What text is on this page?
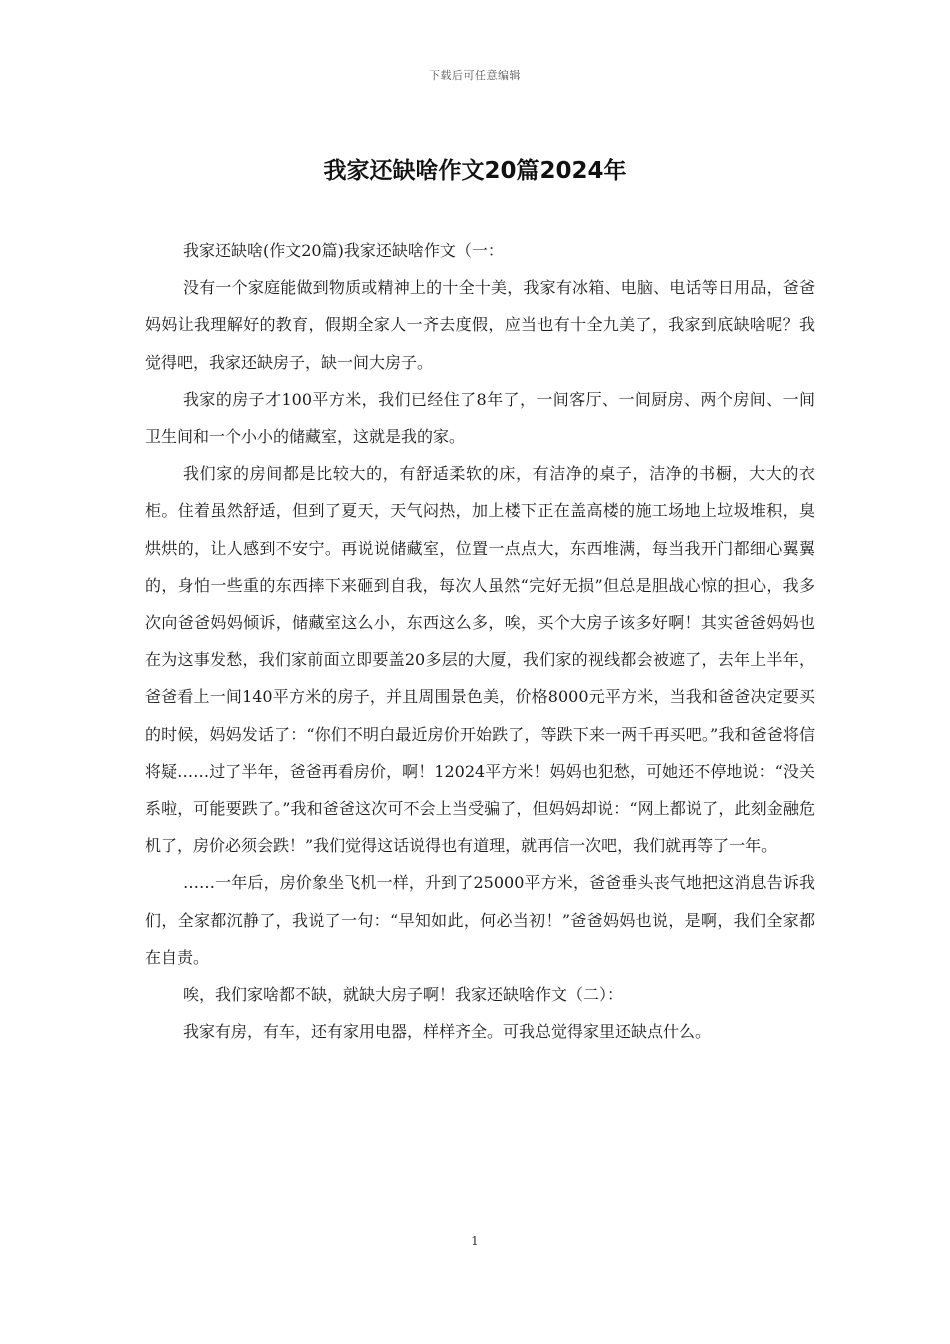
下载后可任意编辑
我家还缺啥作文20篇2024年

我家还缺啥(作文20篇)我家还缺啥作文（一：

没有一个家庭能做到物质或精神上的十全十美，我家有冰箱、电脑、电话等日用品，爸爸妈妈让我理解好的教育，假期全家人一齐去度假，应当也有十全九美了，我家到底缺啥呢？我觉得吧，我家还缺房子，缺一间大房子。

我家的房子才100平方米，我们已经住了8年了，一间客厅、一间厨房、两个房间、一间卫生间和一个小小的储藏室，这就是我的家。

我们家的房间都是比较大的，有舒适柔软的床，有洁净的桌子，洁净的书橱，大大的衣柜。住着虽然舒适，但到了夏天，天气闷热，加上楼下正在盖高楼的施工场地上垃圾堆积，臭烘烘的，让人感到不安宁。再说说储藏室，位置一点点大，东西堆满，每当我开门都细心翼翼的，身怕一些重的东西摔下来砸到自我，每次人虽然“完好无损”但总是胆战心惊的担心，我多次向爸爸妈妈倾诉，储藏室这么小，东西这么多，唉，买个大房子该多好啊！其实爸爸妈妈也在为这事发愁，我们家前面立即要盖20多层的大厦，我们家的视线都会被遮了，去年上半年，爸爸看上一间140平方米的房子，并且周围景色美，价格8000元平方米，当我和爸爸决定要买的时候，妈妈发话了：“你们不明白最近房价开始跌了，等跌下来一两千再买吧。”我和爸爸将信将疑……过了半年，爸爸再看房价，啊！12024平方米！妈妈也犯愁，可她还不停地说：“没关系啦，可能要跌了。”我和爸爸这次可不会上当受骗了，但妈妈却说：“网上都说了，此刻金融危机了，房价必须会跌！”我们觉得这话说得也有道理，就再信一次吧，我们就再等了一年。

……一年后，房价象坐飞机一样，升到了25000平方米，爸爸垂头丧气地把这消息告诉我们，全家都沉静了，我说了一句：“早知如此，何必当初！”爸爸妈妈也说，是啊，我们全家都在自责。

唉，我们家啥都不缺，就缺大房子啊！我家还缺啥作文（二）：

我家有房，有车，还有家用电器，样样齐全。可我总觉得家里还缺点什么。

1
